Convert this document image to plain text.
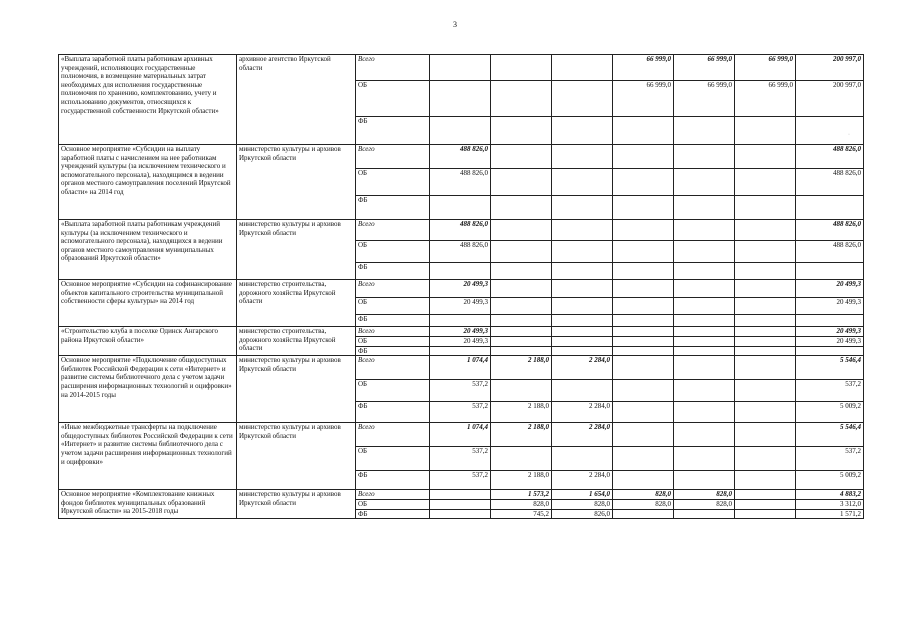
3
«Выплата заработной платы работникам архивных учреждений, исполняющих государственные полномочия, в возмещение материальных затрат необходимых для исполнения государственные полномочия по хранению, комплектованию, учету и использованию документов, относящихся к государственной собственности Иркутской области»	архивное агентство Иркутской области	Всего				66 999,0	66 999,0	66 999,0	200 997,0
		ОБ				66 999,0	66 999,0	66 999,0	200 997,0
		ФБ							
Основное мероприятие «Субсидии на выплату заработной платы с начислением на нее работникам учреждений культуры (за исключением технического и вспомогательного персонала), находящимся в ведении органов местного самоуправления поселений Иркутской области» на 2014 год	министерство культуры и архивов Иркутской области	Всего	488 826,0						488 826,0
		ОБ	488 826,0						488 826,0
		ФБ							
«Выплата заработной платы работникам учреждений культуры (за исключением технического и вспомогательного персонала), находящихся в ведении органов местного самоуправления муниципальных образований Иркутской области»	министерство культуры и архивов Иркутской области	Всего	488 826,0						488 826,0
		ОБ	488 826,0						488 826,0
		ФБ							
Основное мероприятие «Субсидии на софинансирование объектов капитального строительства муниципальной собственности сферы культуры» на 2014 год	министерство строительства, дорожного хозяйства Иркутской области	Всего	20 499,3						20 499,3
		ОБ	20 499,3						20 499,3
		ФБ							
«Строительство клуба в поселке Одинск Ангарского района Иркутской области»	министерство строительства, дорожного хозяйства Иркутской области	Всего	20 499,3						20 499,3
		ОБ	20 499,3						20 499,3
		ФБ							
Основное мероприятие «Подключение общедоступных библиотек Российской Федерации к сети «Интернет» и развитие системы библиотечного дела с учетом задачи расширения информационных технологий и оцифровки» на 2014-2015 годы	министерство культуры и архивов Иркутской области	Всего	1 074,4	2 188,0	2 284,0				5 546,4
		ОБ	537,2						537,2
		ФБ	537,2	2 188,0	2 284,0				5 009,2
«Иные межбюджетные трансферты на подключение общедоступных библиотек Российской Федерации к сети «Интернет» и развитие системы библиотечного дела с учетом задачи расширения информационных технологий и оцифровки»	министерство культуры и архивов Иркутской области	Всего	1 074,4	2 188,0	2 284,0				5 546,4
		ОБ	537,2						537,2
		ФБ	537,2	2 188,0	2 284,0				5 009,2
Основное мероприятие «Комплектование книжных фондов библиотек муниципальных образований Иркутской области» на 2015-2018 годы	министерство культуры и архивов Иркутской области	Всего		1 573,2	1 654,0	828,0	828,0		4 883,2
		ОБ		828,0	828,0	828,0	828,0		3 312,0
		ФБ		745,2	826,0				1 571,2
·
